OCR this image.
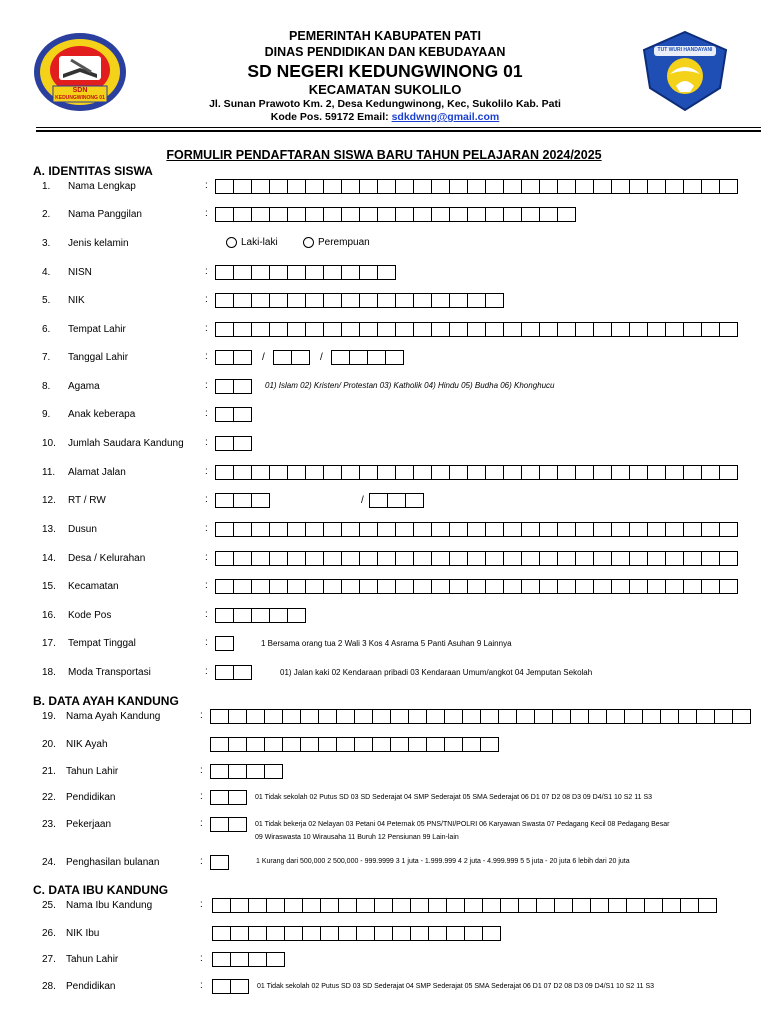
SDN
KEDUNGWINONG 01
TUT WURI HANDAYANI
PEMERINTAH KABUPATEN PATI
DINAS PENDIDIKAN DAN KEBUDAYAAN
SD NEGERI KEDUNGWINONG 01
KECAMATAN SUKOLILO
Jl. Sunan Prawoto Km. 2, Desa Kedungwinong, Kec, Sukolilo Kab. Pati
Kode Pos. 59172 Email: sdkdwng@gmail.com
FORMULIR PENDAFTARAN SISWA BARU TAHUN PELAJARAN 2024/2025
A. IDENTITAS SISWA
B. DATA AYAH KANDUNG
C. DATA IBU KANDUNG
1. Nama Lengkap	:
2. Nama Panggilan	:
3. Jenis kelamin	Laki-laki	Perempuan
4. NISN	:
5. NIK	:
6. Tempat Lahir	:
7. Tanggal Lahir	:	/	/
8. Agama	:	01) Islam 02) Kristen/ Protestan 03) Katholik 04) Hindu 05) Budha 06) Khonghucu
9. Anak keberapa	:
10. Jumlah Saudara Kandung :
11. Alamat Jalan	:
12. RT / RW	:	/
13. Dusun	:
14. Desa / Kelurahan	:
15. Kecamatan	:
16. Kode Pos	:
17. Tempat Tinggal	:	1 Bersama orang tua 2 Wali 3 Kos 4 Asrama 5 Panti Asuhan 9 Lainnya
18. Moda Transportasi	:	01) Jalan kaki 02 Kendaraan pribadi 03 Kendaraan Umum/angkot 04 Jemputan Sekolah
19. Nama Ayah Kandung	:
20. NIK Ayah
21. Tahun Lahir	:
22. Pendidikan	:	01 Tidak sekolah 02 Putus SD 03 SD Sederajat 04 SMP Sederajat 05 SMA Sederajat 06 D1 07 D2 08 D3 09 D4/S1 10 S2 11 S3
23. Pekerjaan	:	01 Tidak bekerja 02 Nelayan 03 Petani 04 Peternak 05 PNS/TNI/POLRI 06 Karyawan Swasta 07 Pedagang Kecil 08 Pedagang Besar
09 Wiraswasta 10 Wirausaha 11 Buruh 12 Pensiunan 99 Lain-lain
24. Penghasilan bulanan	:	1 Kurang dari 500,000 2 500,000 - 999.9999 3 1 juta - 1.999.999 4 2 juta - 4.999.999 5 5 juta - 20 juta 6 lebih dari 20 juta
25. Nama Ibu Kandung	:
26. NIK Ibu
27. Tahun Lahir	:
28. Pendidikan	:	01 Tidak sekolah 02 Putus SD 03 SD Sederajat 04 SMP Sederajat 05 SMA Sederajat 06 D1 07 D2 08 D3 09 D4/S1 10 S2 11 S3
